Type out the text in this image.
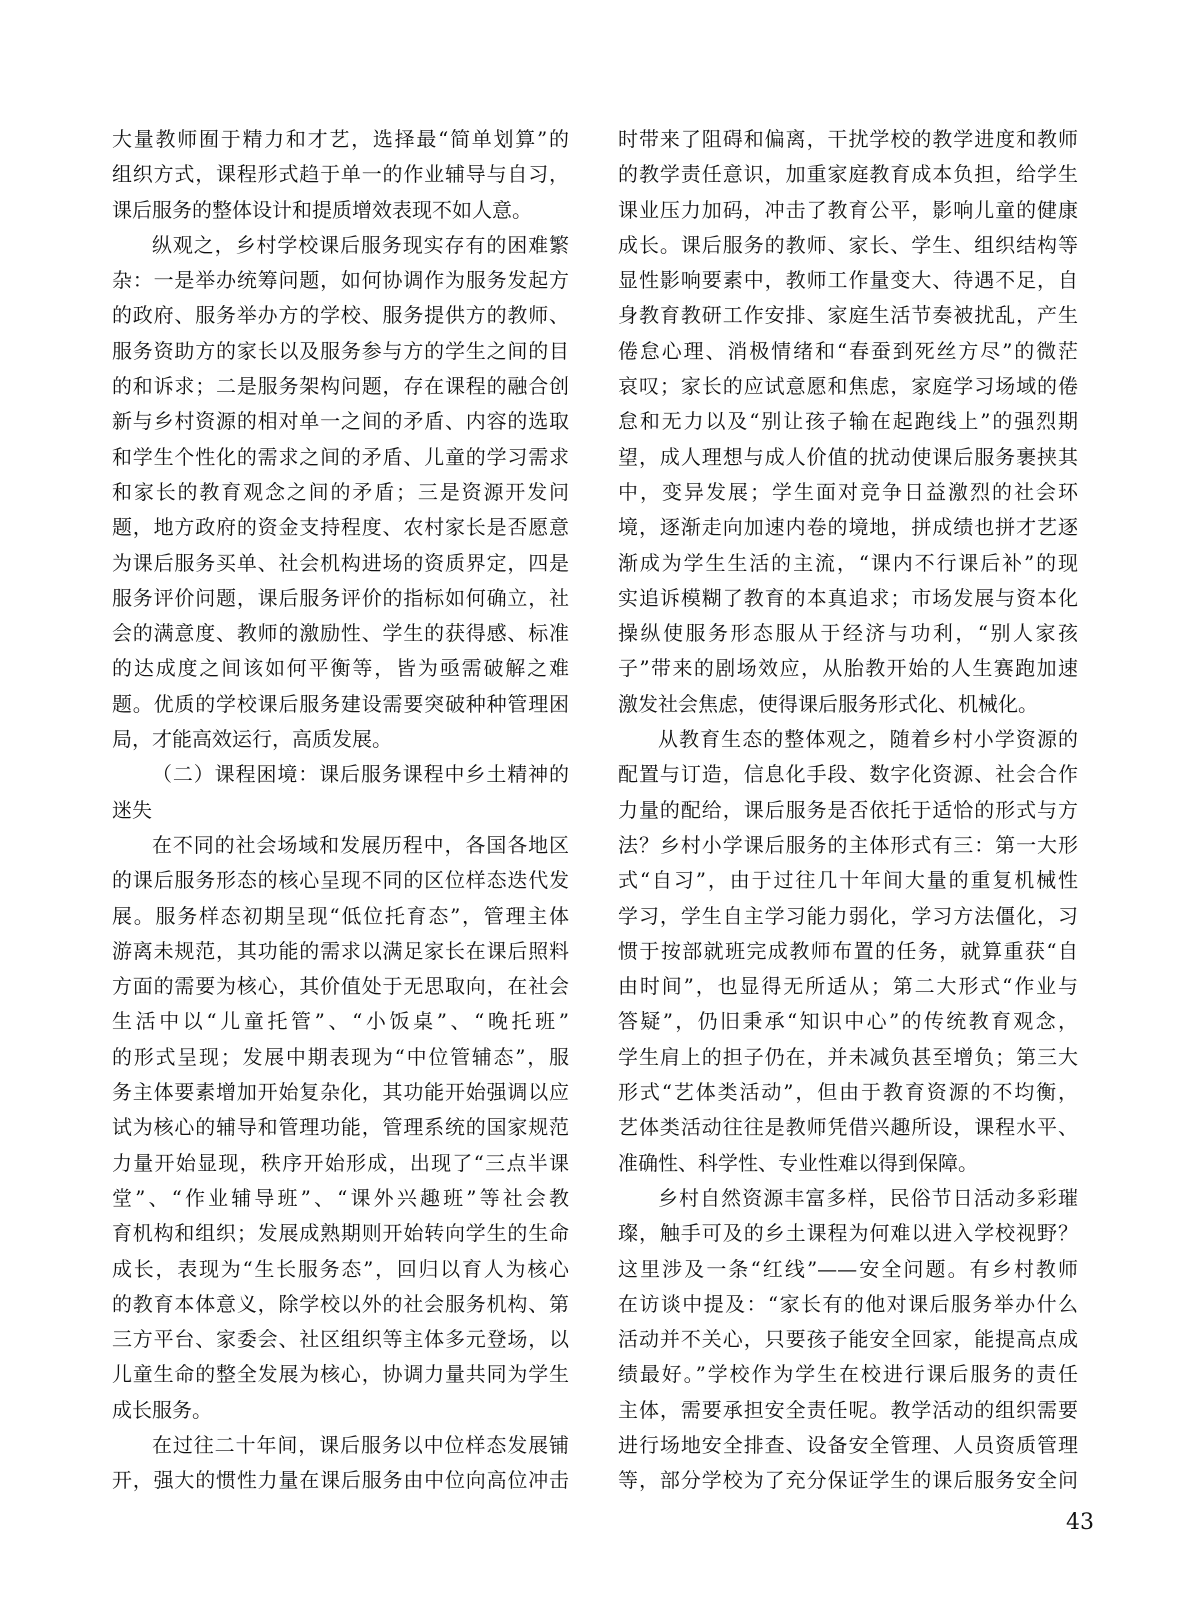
大量教师囿于精力和才艺，选择最“简单划算”的
组织方式，课程形式趋于单一的作业辅导与自习，
课后服务的整体设计和提质增效表现不如人意。
纵观之，乡村学校课后服务现实存有的困难繁
杂：一是举办统筹问题，如何协调作为服务发起方
的政府、服务举办方的学校、服务提供方的教师、
服务资助方的家长以及服务参与方的学生之间的目
的和诉求；二是服务架构问题，存在课程的融合创
新与乡村资源的相对单一之间的矛盾、内容的选取
和学生个性化的需求之间的矛盾、儿童的学习需求
和家长的教育观念之间的矛盾；三是资源开发问
题，地方政府的资金支持程度、农村家长是否愿意
为课后服务买单、社会机构进场的资质界定，四是
服务评价问题，课后服务评价的指标如何确立，社
会的满意度、教师的激励性、学生的获得感、标准
的达成度之间该如何平衡等，皆为亟需破解之难
题。优质的学校课后服务建设需要突破种种管理困
局，才能高效运行，高质发展。
（二）课程困境：课后服务课程中乡土精神的
迷失
在不同的社会场域和发展历程中，各国各地区
的课后服务形态的核心呈现不同的区位样态迭代发
展。服务样态初期呈现“低位托育态”，管理主体
游离未规范，其功能的需求以满足家长在课后照料
方面的需要为核心，其价值处于无思取向，在社会
生活中以“儿童托管”、“小饭桌”、“晚托班”
的形式呈现；发展中期表现为“中位管辅态”，服
务主体要素增加开始复杂化，其功能开始强调以应
试为核心的辅导和管理功能，管理系统的国家规范
力量开始显现，秩序开始形成，出现了“三点半课
堂”、“作业辅导班”、“课外兴趣班”等社会教
育机构和组织；发展成熟期则开始转向学生的生命
成长，表现为“生长服务态”，回归以育人为核心
的教育本体意义，除学校以外的社会服务机构、第
三方平台、家委会、社区组织等主体多元登场，以
儿童生命的整全发展为核心，协调力量共同为学生
成长服务。
在过往二十年间，课后服务以中位样态发展铺
开，强大的惯性力量在课后服务由中位向高位冲击
时带来了阻碍和偏离，干扰学校的教学进度和教师
的教学责任意识，加重家庭教育成本负担，给学生
课业压力加码，冲击了教育公平，影响儿童的健康
成长。课后服务的教师、家长、学生、组织结构等
显性影响要素中，教师工作量变大、待遇不足，自
身教育教研工作安排、家庭生活节奏被扰乱，产生
倦怠心理、消极情绪和“春蚕到死丝方尽”的微茫
哀叹；家长的应试意愿和焦虑，家庭学习场域的倦
怠和无力以及“别让孩子输在起跑线上”的强烈期
望，成人理想与成人价值的扰动使课后服务裹挟其
中，变异发展；学生面对竞争日益激烈的社会环
境，逐渐走向加速内卷的境地，拼成绩也拼才艺逐
渐成为学生生活的主流，“课内不行课后补”的现
实追诉模糊了教育的本真追求；市场发展与资本化
操纵使服务形态服从于经济与功利，“别人家孩
子”带来的剧场效应，从胎教开始的人生赛跑加速
激发社会焦虑，使得课后服务形式化、机械化。
从教育生态的整体观之，随着乡村小学资源的
配置与订造，信息化手段、数字化资源、社会合作
力量的配给，课后服务是否依托于适恰的形式与方
法？乡村小学课后服务的主体形式有三：第一大形
式“自习”，由于过往几十年间大量的重复机械性
学习，学生自主学习能力弱化，学习方法僵化，习
惯于按部就班完成教师布置的任务，就算重获“自
由时间”，也显得无所适从；第二大形式“作业与
答疑”，仍旧秉承“知识中心”的传统教育观念，
学生肩上的担子仍在，并未减负甚至增负；第三大
形式“艺体类活动”，但由于教育资源的不均衡，
艺体类活动往往是教师凭借兴趣所设，课程水平、
准确性、科学性、专业性难以得到保障。
乡村自然资源丰富多样，民俗节日活动多彩璀
璨，触手可及的乡土课程为何难以进入学校视野？
这里涉及一条“红线”——安全问题。有乡村教师
在访谈中提及：“家长有的他对课后服务举办什么
活动并不关心，只要孩子能安全回家，能提高点成
绩最好。”学校作为学生在校进行课后服务的责任
主体，需要承担安全责任呢。教学活动的组织需要
进行场地安全排查、设备安全管理、人员资质管理
等，部分学校为了充分保证学生的课后服务安全问
43
